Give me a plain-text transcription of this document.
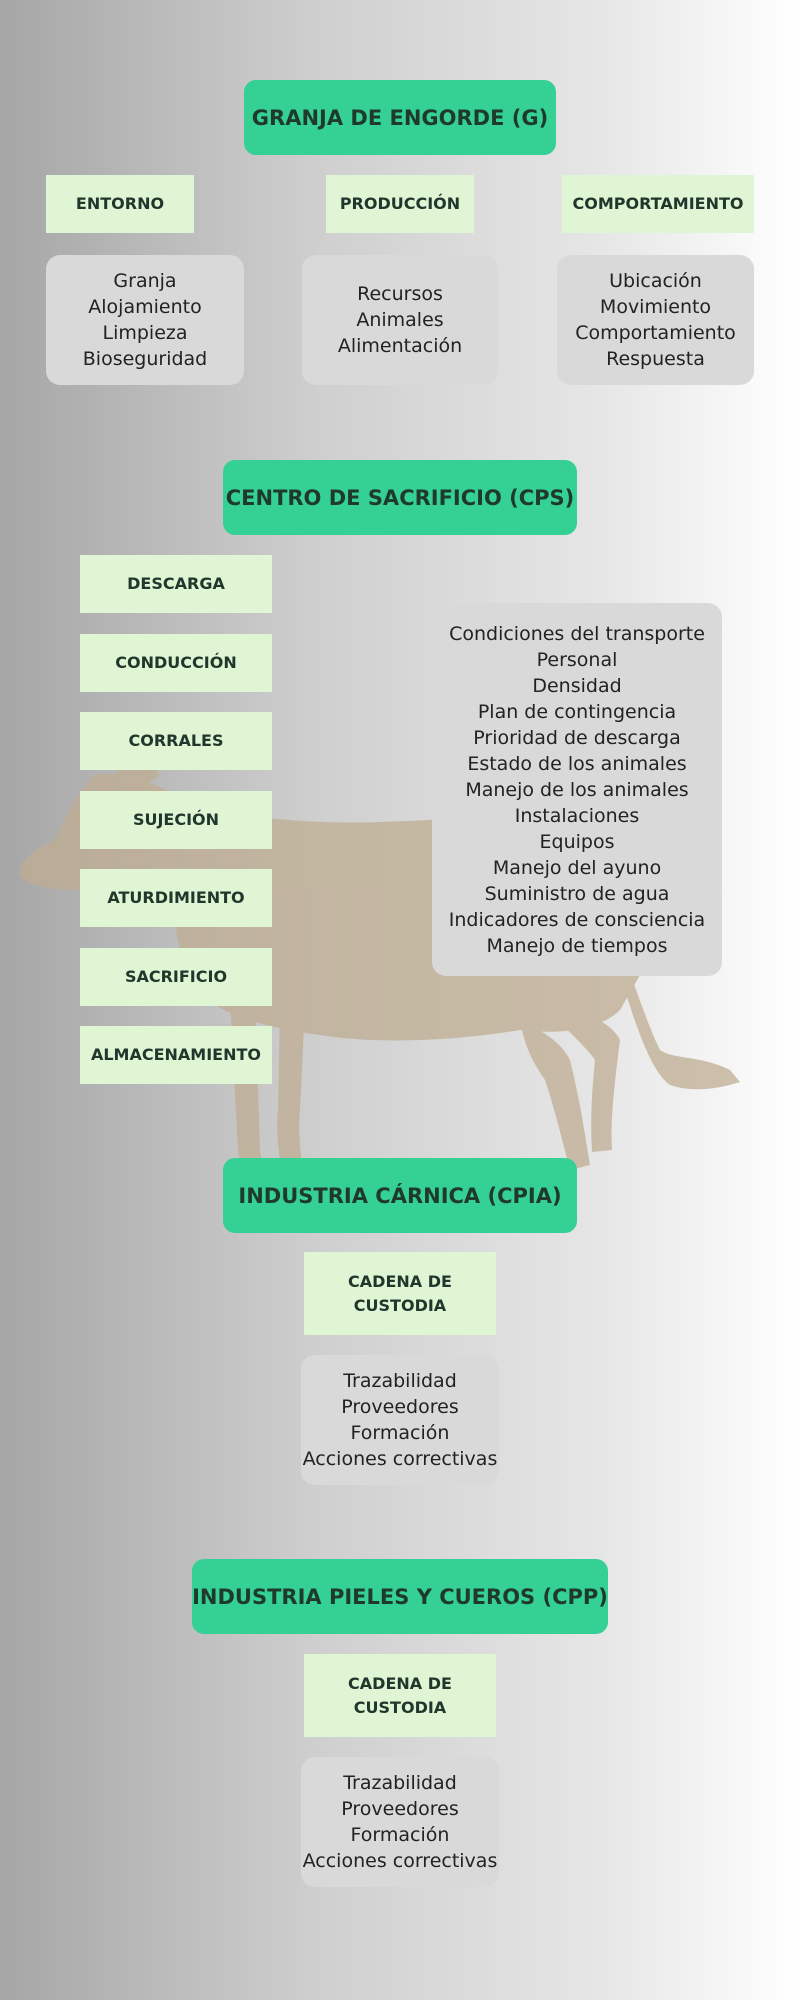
GRANJA DE ENGORDE (G)
ENTORNO	PRODUCCIÓN	COMPORTAMIENTO
Granja
Alojamiento
Limpieza
Bioseguridad
Recursos
Animales
Alimentación
Ubicación
Movimiento
Comportamiento
Respuesta
CENTRO DE SACRIFICIO (CPS)
DESCARGA
CONDUCCIÓN
CORRALES
SUJECIÓN
ATURDIMIENTO
SACRIFICIO
ALMACENAMIENTO
Condiciones del transporte
Personal
Densidad
Plan de contingencia
Prioridad de descarga
Estado de los animales
Manejo de los animales
Instalaciones
Equipos
Manejo del ayuno
Suministro de agua
Indicadores de consciencia
Manejo de tiempos
INDUSTRIA CÁRNICA (CPIA)
CADENA DE CUSTODIA
Trazabilidad
Proveedores
Formación
Acciones correctivas
INDUSTRIA PIELES Y CUEROS (CPP)
CADENA DE CUSTODIA
Trazabilidad
Proveedores
Formación
Acciones correctivas
